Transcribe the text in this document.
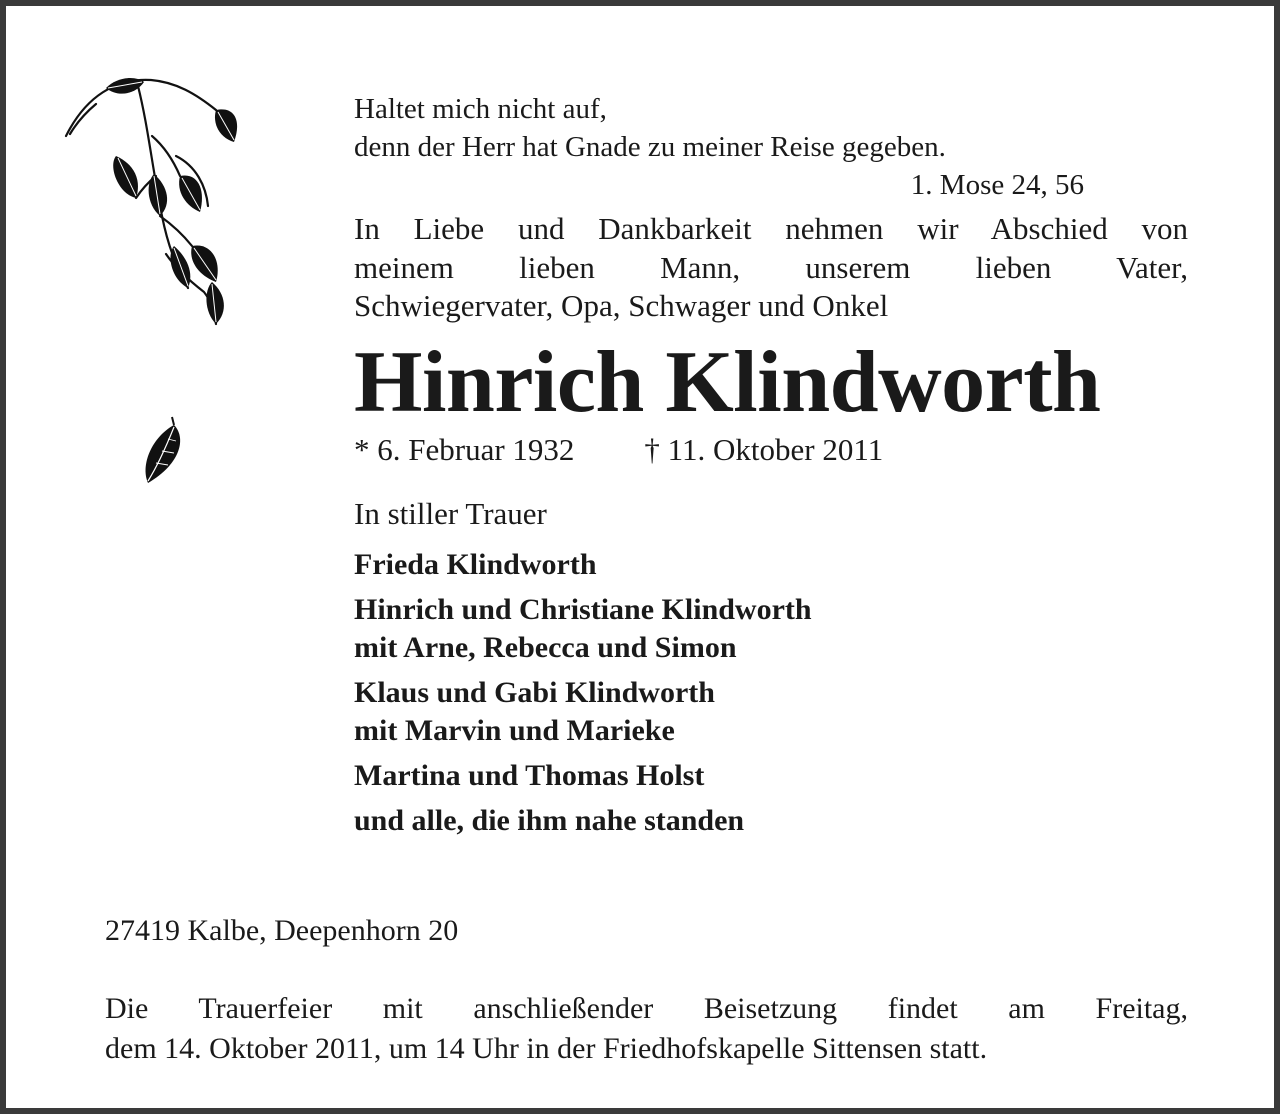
Haltet mich nicht auf,
denn der Herr hat Gnade zu meiner Reise gegeben.
1. Mose 24, 56
In Liebe und Dankbarkeit nehmen wir Abschied von
meinem lieben Mann, unserem lieben Vater,
Schwiegervater, Opa, Schwager und Onkel
Hinrich Klindworth
* 6. Februar 1932 † 11. Oktober 2011
In stiller Trauer
Frieda Klindworth
Hinrich und Christiane Klindworth
mit Arne, Rebecca und Simon
Klaus und Gabi Klindworth
mit Marvin und Marieke
Martina und Thomas Holst
und alle, die ihm nahe standen
27419 Kalbe, Deepenhorn 20
Die Trauerfeier mit anschließender Beisetzung findet am Freitag,
dem 14. Oktober 2011, um 14 Uhr in der Friedhofskapelle Sittensen statt.
